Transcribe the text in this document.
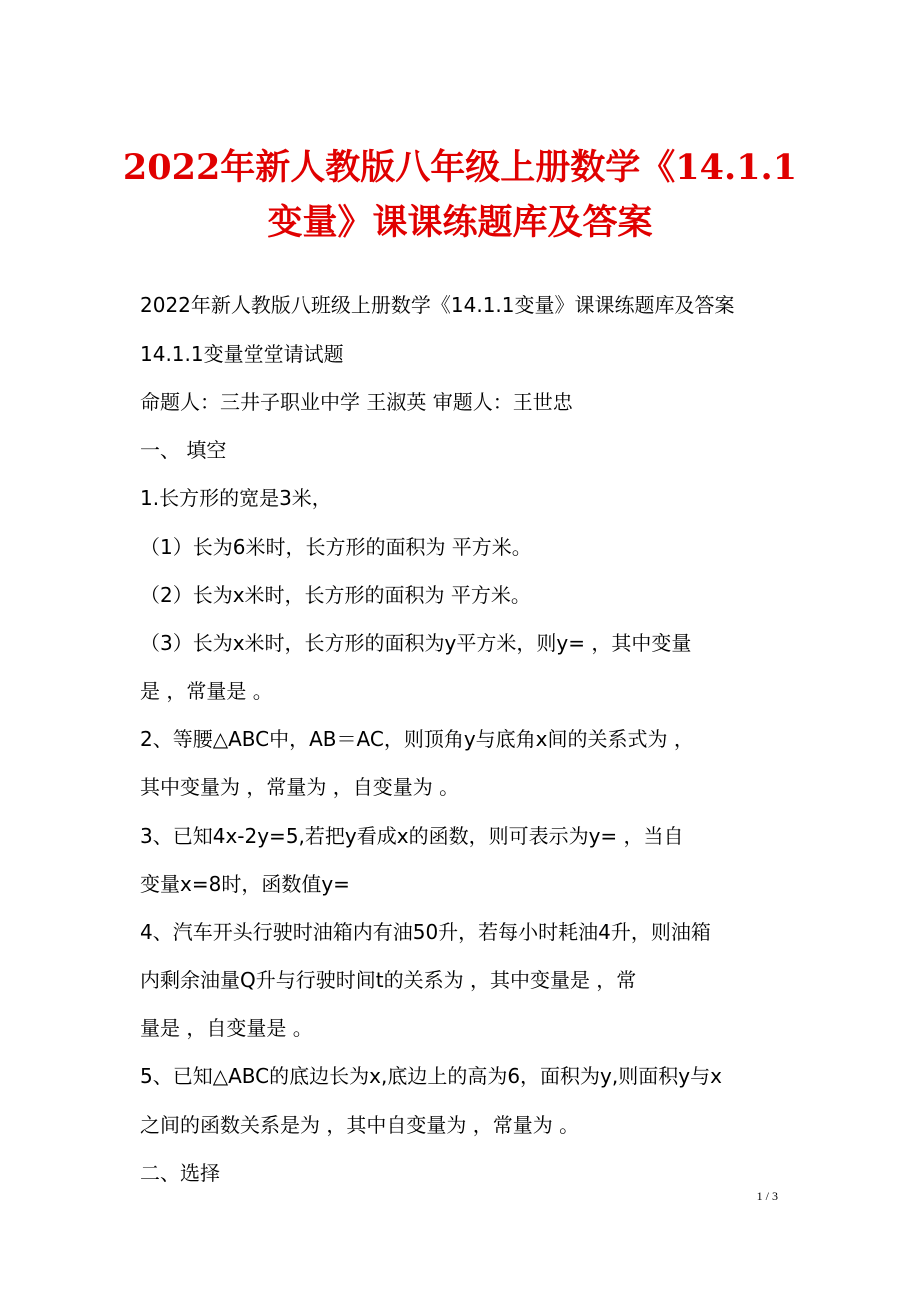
2022年新人教版八年级上册数学《14.1.1
变量》课课练题库及答案
2022年新人教版八班级上册数学《14.1.1变量》课课练题库及答案
14.1.1变量堂堂请试题
命题人：三井子职业中学 王淑英 审题人：王世忠
一、 填空
1.长方形的宽是3米，
（1）长为6米时，长方形的面积为 平方米。
（2）长为x米时，长方形的面积为 平方米。
（3）长为x米时，长方形的面积为y平方米，则y= ，其中变量
是 ，常量是 。
2、等腰△ABC中，AB＝AC，则顶角y与底角x间的关系式为 ，
其中变量为 ，常量为 ，自变量为 。
3、已知4x-2y=5,若把y看成x的函数，则可表示为y= ，当自
变量x=8时，函数值y=
4、汽车开头行驶时油箱内有油50升，若每小时耗油4升，则油箱
内剩余油量Q升与行驶时间t的关系为 ，其中变量是 ，常
量是 ，自变量是 。
5、已知△ABC的底边长为x,底边上的高为6，面积为y,则面积y与x
之间的函数关系是为 ，其中自变量为 ，常量为 。
二、选择
1 / 3
